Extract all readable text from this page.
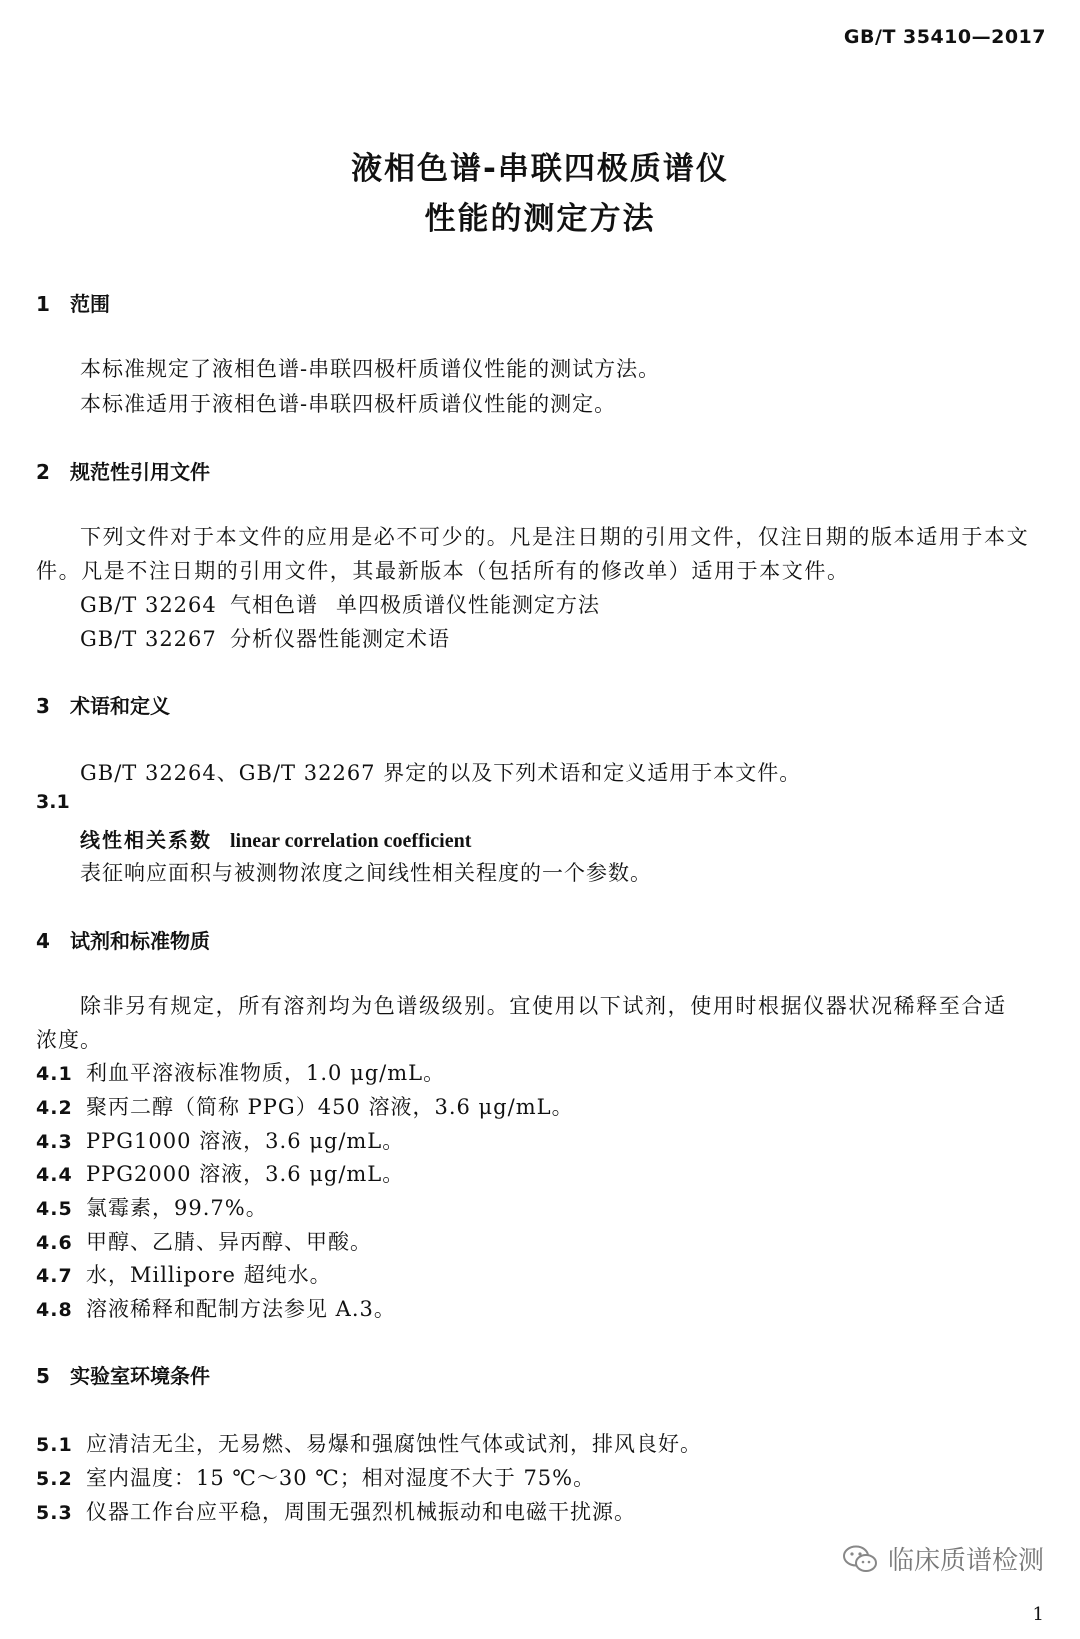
GB/T 35410—2017
液相色谱-串联四极质谱仪
性能的测定方法
1 范围
本标准规定了液相色谱-串联四极杆质谱仪性能的测试方法。
本标准适用于液相色谱-串联四极杆质谱仪性能的测定。
2 规范性引用文件
下列文件对于本文件的应用是必不可少的。凡是注日期的引用文件，仅注日期的版本适用于本文
件。凡是不注日期的引用文件，其最新版本（包括所有的修改单）适用于本文件。
GB/T 32264 气相色谱 单四极质谱仪性能测定方法
GB/T 32267 分析仪器性能测定术语
3 术语和定义
GB/T 32264、GB/T 32267 界定的以及下列术语和定义适用于本文件。
3.1
线性相关系数 linear correlation coefficient
表征响应面积与被测物浓度之间线性相关程度的一个参数。
4 试剂和标准物质
除非另有规定，所有溶剂均为色谱级级别。宜使用以下试剂，使用时根据仪器状况稀释至合适
浓度。
4.1 利血平溶液标准物质，1.0 μg/mL。
4.2 聚丙二醇（简称 PPG）450 溶液，3.6 μg/mL。
4.3 PPG1000 溶液，3.6 μg/mL。
4.4 PPG2000 溶液，3.6 μg/mL。
4.5 氯霉素，99.7%。
4.6 甲醇、乙腈、异丙醇、甲酸。
4.7 水，Millipore 超纯水。
4.8 溶液稀释和配制方法参见 A.3。
5 实验室环境条件
5.1 应清洁无尘，无易燃、易爆和强腐蚀性气体或试剂，排风良好。
5.2 室内温度：15 ℃～30 ℃；相对湿度不大于 75%。
5.3 仪器工作台应平稳，周围无强烈机械振动和电磁干扰源。
临床质谱检测
1
